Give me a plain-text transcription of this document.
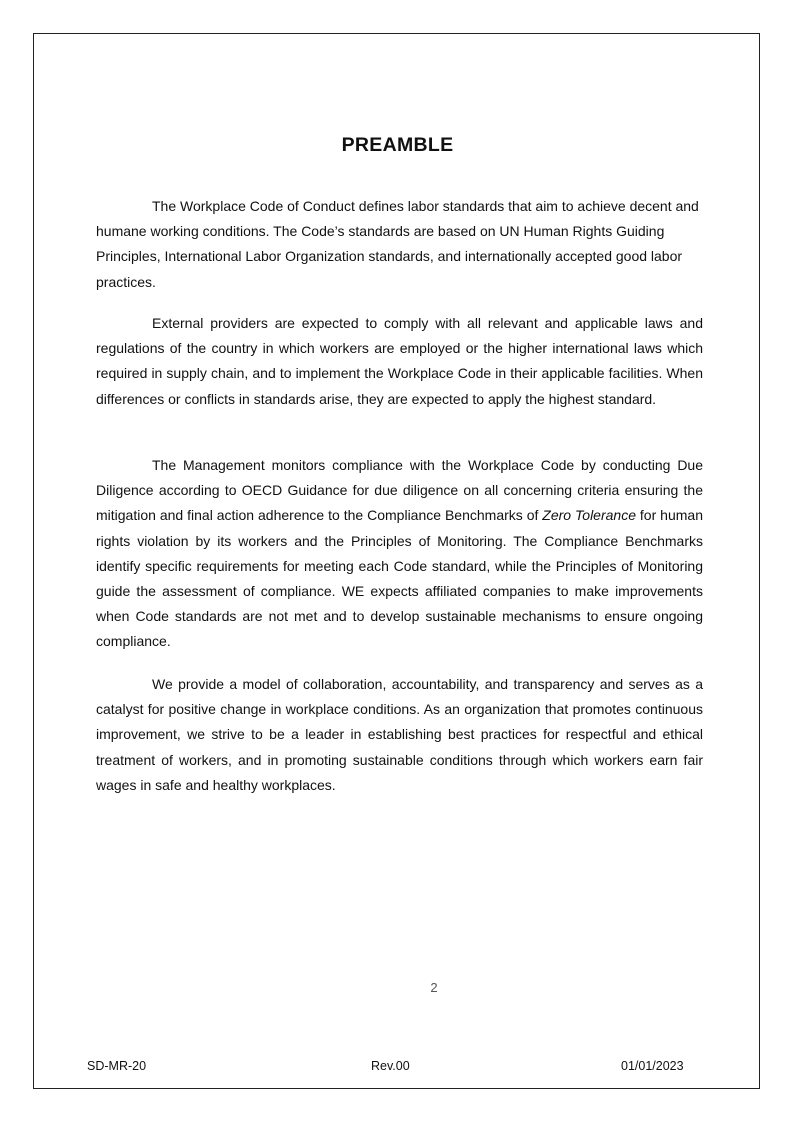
PREAMBLE

The Workplace Code of Conduct defines labor standards that aim to achieve decent and humane working conditions. The Code’s standards are based on UN Human Rights Guiding Principles, International Labor Organization standards, and internationally accepted good labor practices.

External providers are expected to comply with all relevant and applicable laws and regulations of the country in which workers are employed or the higher international laws which required in supply chain, and to implement the Workplace Code in their applicable facilities. When differences or conflicts in standards arise, they are expected to apply the highest standard.

The Management monitors compliance with the Workplace Code by conducting Due Diligence according to OECD Guidance for due diligence on all concerning criteria ensuring the mitigation and final action adherence to the Compliance Benchmarks of Zero Tolerance for human rights violation by its workers and the Principles of Monitoring. The Compliance Benchmarks identify specific requirements for meeting each Code standard, while the Principles of Monitoring guide the assessment of compliance. WE expects affiliated companies to make improvements when Code standards are not met and to develop sustainable mechanisms to ensure ongoing compliance.

We provide a model of collaboration, accountability, and transparency and serves as a catalyst for positive change in workplace conditions. As an organization that promotes continuous improvement, we strive to be a leader in establishing best practices for respectful and ethical treatment of workers, and in promoting sustainable conditions through which workers earn fair wages in safe and healthy workplaces.

2

SD-MR-20	Rev.00	01/01/2023
